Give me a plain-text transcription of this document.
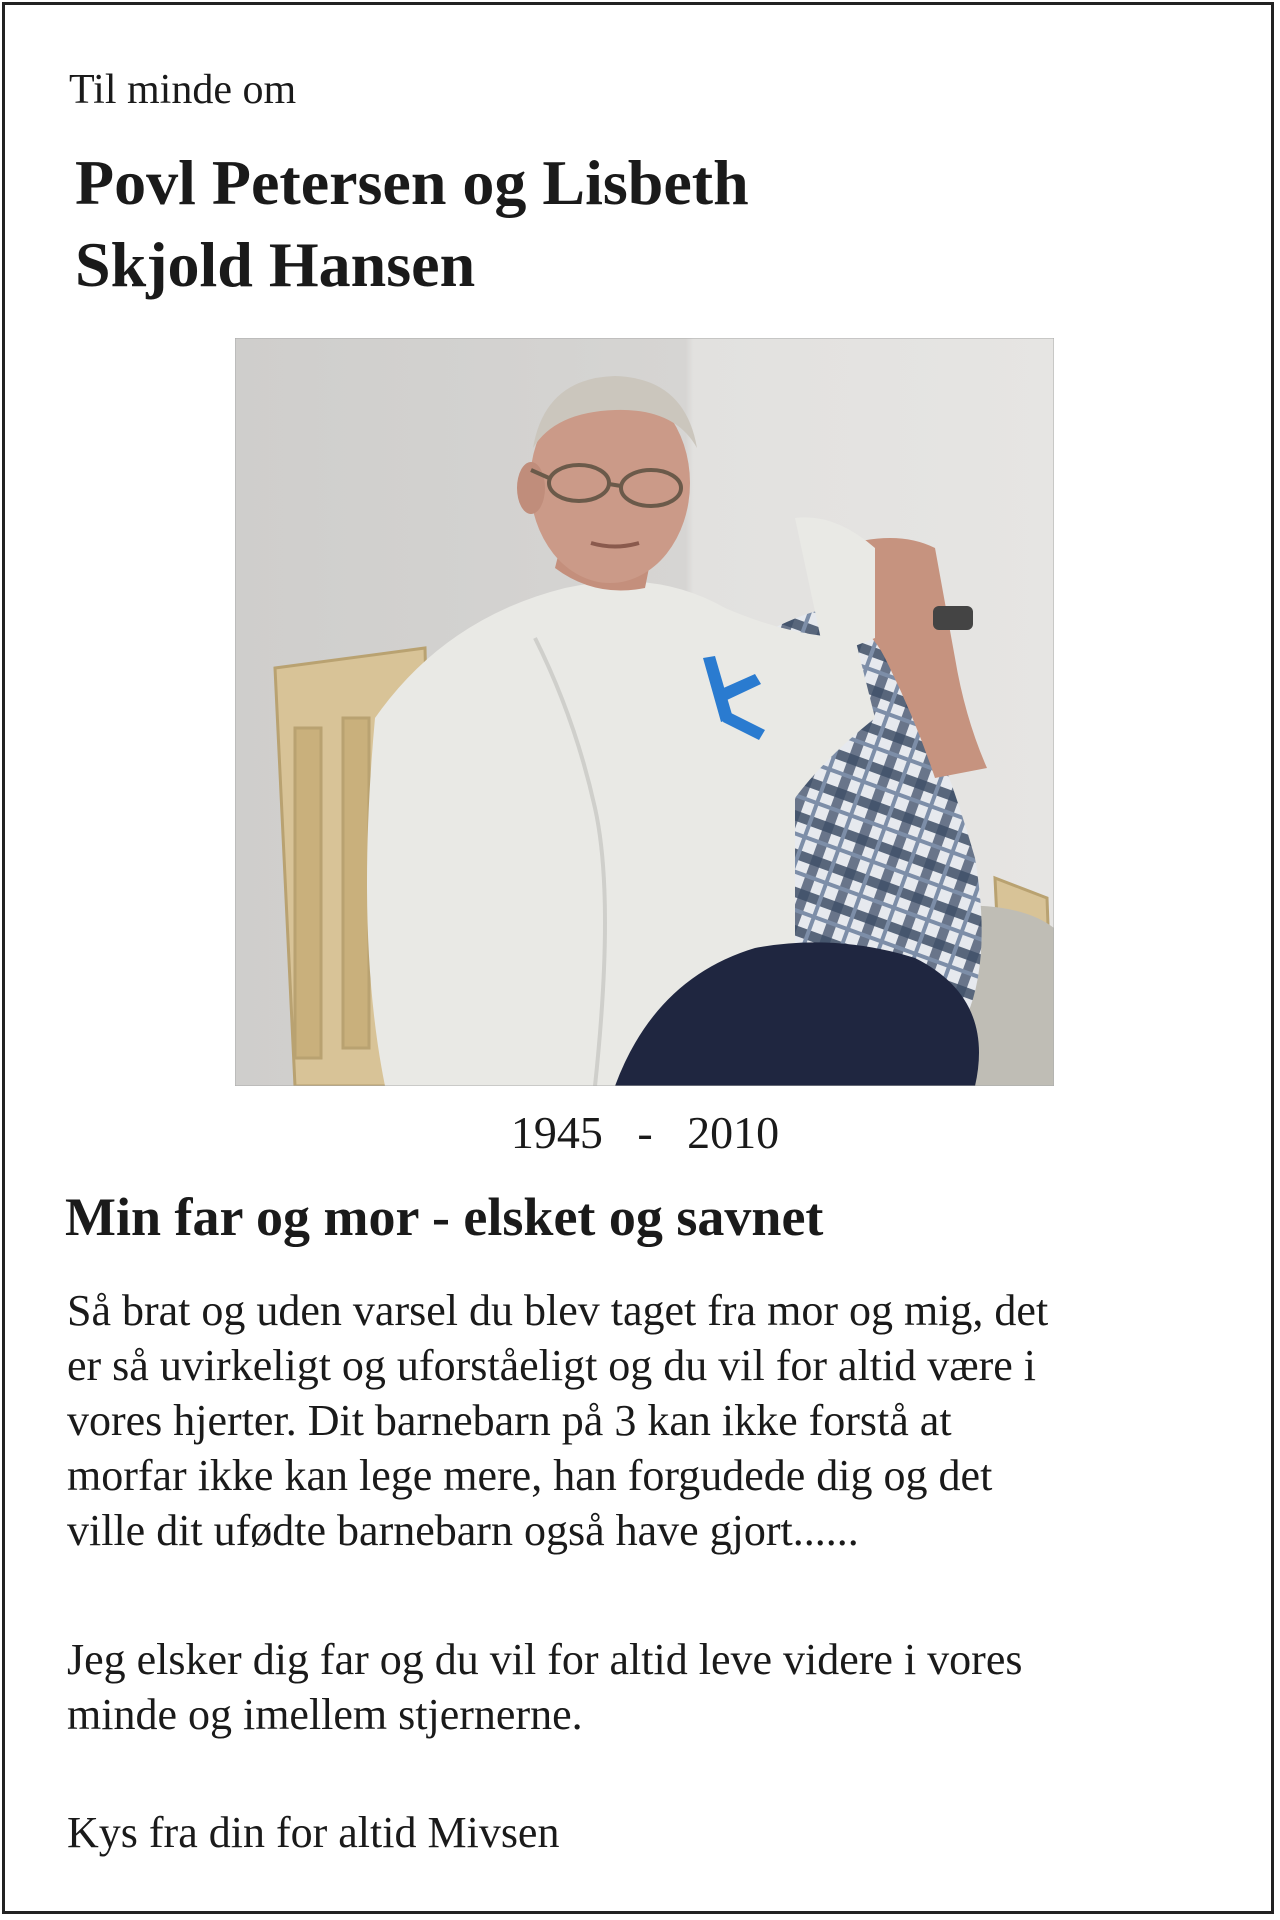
Til minde om
Povl Petersen og Lisbeth
Skjold Hansen
1945   -   2010
Min far og mor - elsket og savnet

Så brat og uden varsel du blev taget fra mor og mig, det
er så uvirkeligt og uforståeligt og du vil for altid være i
vores hjerter. Dit barnebarn på 3 kan ikke forstå at
morfar ikke kan lege mere, han forgudede dig og det
ville dit ufødte barnebarn også have gjort......

Jeg elsker dig far og du vil for altid leve videre i vores
minde og imellem stjernerne.

Kys fra din for altid Mivsen
